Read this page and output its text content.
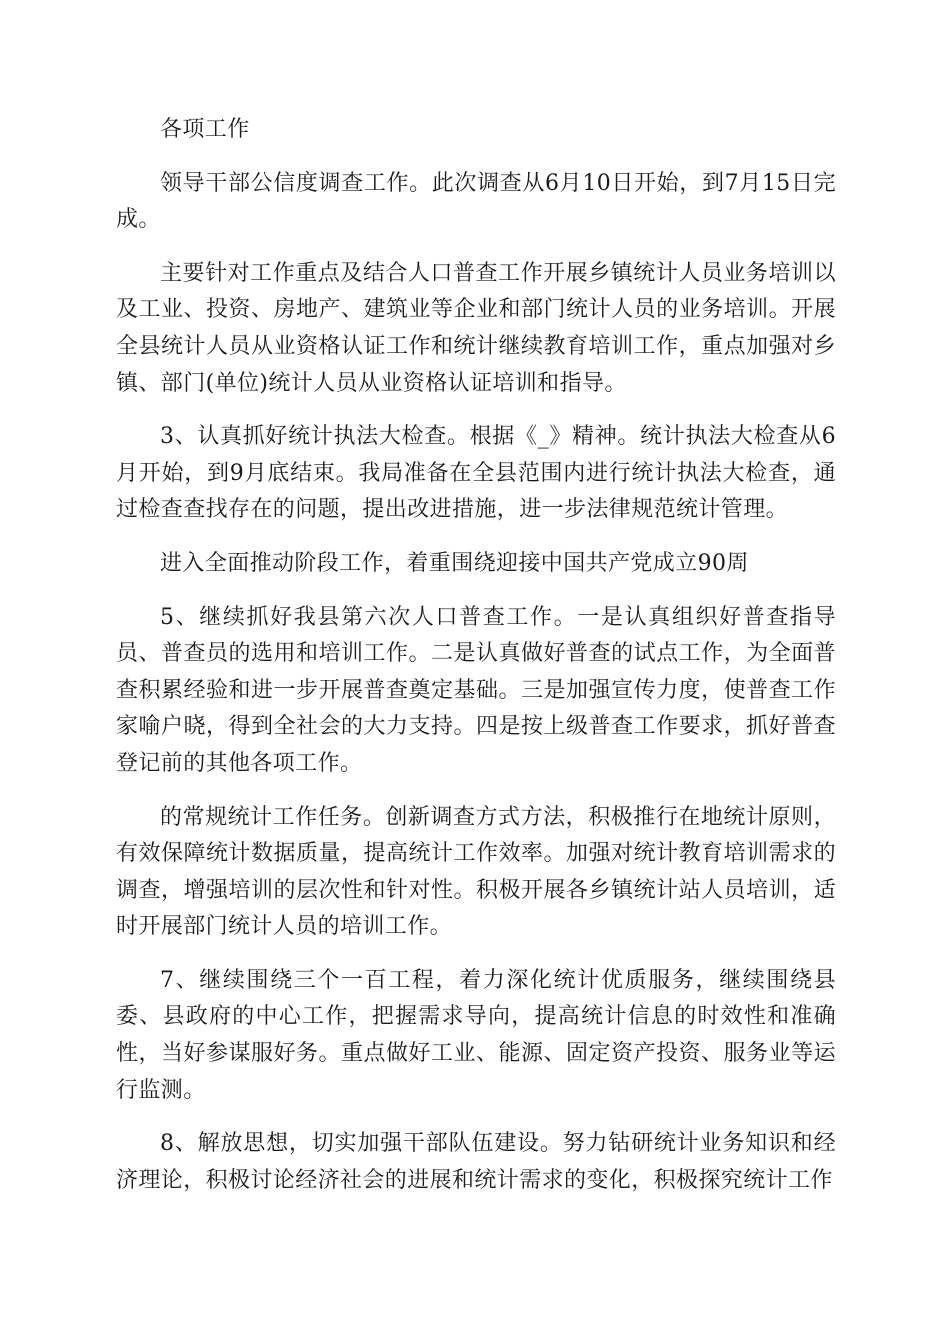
各项工作

领导干部公信度调查工作。此次调查从6月10日开始，到7月15日完成。

主要针对工作重点及结合人口普查工作开展乡镇统计人员业务培训以及工业、投资、房地产、建筑业等企业和部门统计人员的业务培训。开展全县统计人员从业资格认证工作和统计继续教育培训工作，重点加强对乡镇、部门(单位)统计人员从业资格认证培训和指导。

3、认真抓好统计执法大检查。根据《_》精神。统计执法大检查从6月开始，到9月底结束。我局准备在全县范围内进行统计执法大检查，通过检查查找存在的问题，提出改进措施，进一步法律规范统计管理。

进入全面推动阶段工作，着重围绕迎接中国共产党成立90周

5、继续抓好我县第六次人口普查工作。一是认真组织好普查指导员、普查员的选用和培训工作。二是认真做好普查的试点工作，为全面普查积累经验和进一步开展普查奠定基础。三是加强宣传力度，使普查工作家喻户晓，得到全社会的大力支持。四是按上级普查工作要求，抓好普查登记前的其他各项工作。

的常规统计工作任务。创新调查方式方法，积极推行在地统计原则，有效保障统计数据质量，提高统计工作效率。加强对统计教育培训需求的调查，增强培训的层次性和针对性。积极开展各乡镇统计站人员培训，适时开展部门统计人员的培训工作。

7、继续围绕三个一百工程，着力深化统计优质服务，继续围绕县委、县政府的中心工作，把握需求导向，提高统计信息的时效性和准确性，当好参谋服好务。重点做好工业、能源、固定资产投资、服务业等运行监测。

8、解放思想，切实加强干部队伍建设。努力钻研统计业务知识和经济理论，积极讨论经济社会的进展和统计需求的变化，积极探究统计工作
